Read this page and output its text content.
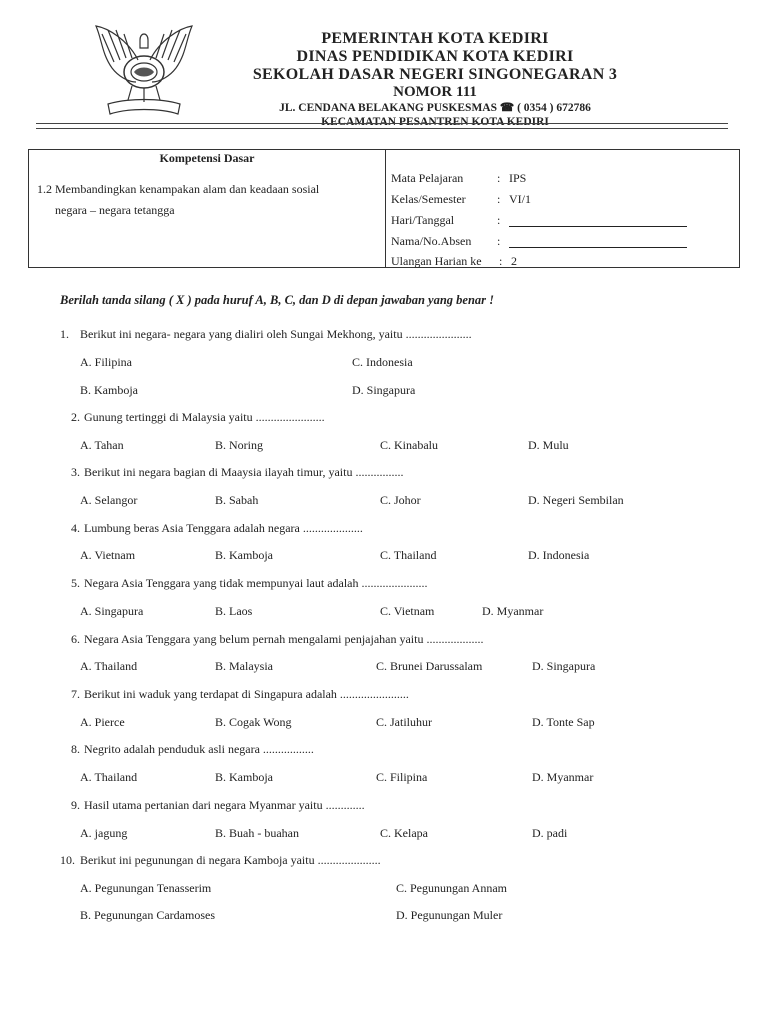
PEMERINTAH KOTA KEDIRI
DINAS PENDIDIKAN KOTA KEDIRI
SEKOLAH DASAR NEGERI SINGONEGARAN 3
NOMOR 111
JL. CENDANA BELAKANG PUSKESMAS ☎ ( 0354 ) 672786
KECAMATAN PESANTREN KOTA KEDIRI
Kompetensi Dasar
1.2 Membandingkan kenampakan alam dan keadaan sosial
negara – negara tetangga
Mata Pelajaran	: IPS
Kelas/Semester	: VI/1
Hari/Tanggal	:
Nama/No.Absen :
Ulangan Harian ke : 2
Berilah tanda silang ( X ) pada huruf A, B, C, dan D di depan jawaban yang benar !
1. Berikut ini negara- negara yang dialiri oleh Sungai Mekhong, yaitu ......................
A. Filipina	C. Indonesia
B. Kamboja	D. Singapura
2. Gunung tertinggi di Malaysia yaitu .......................
A. Tahan	B. Noring	C. Kinabalu	D. Mulu
3. Berikut ini negara bagian di Maaysia ilayah timur, yaitu ................
A. Selangor	B. Sabah	C. Johor	D. Negeri Sembilan
4. Lumbung beras Asia Tenggara adalah negara ....................
A. Vietnam	B. Kamboja	C. Thailand	D. Indonesia
5. Negara Asia Tenggara yang tidak mempunyai laut adalah ......................
A. Singapura	B. Laos	C. Vietnam	D. Myanmar
6. Negara Asia Tenggara yang belum pernah mengalami penjajahan yaitu ...................
A. Thailand	B. Malaysia	C. Brunei Darussalam	D. Singapura
7. Berikut ini waduk yang terdapat di Singapura adalah .......................
A. Pierce	B. Cogak Wong	C. Jatiluhur	D. Tonte Sap
8. Negrito adalah penduduk asli negara .................
A. Thailand	B. Kamboja	C. Filipina	D. Myanmar
9. Hasil utama pertanian dari negara Myanmar yaitu .............
A. jagung	B. Buah - buahan	C. Kelapa	D. padi
10. Berikut ini pegunungan di negara Kamboja yaitu .....................
A. Pegunungan Tenasserim	C. Pegunungan Annam
B. Pegunungan Cardamoses	D. Pegunungan Muler
